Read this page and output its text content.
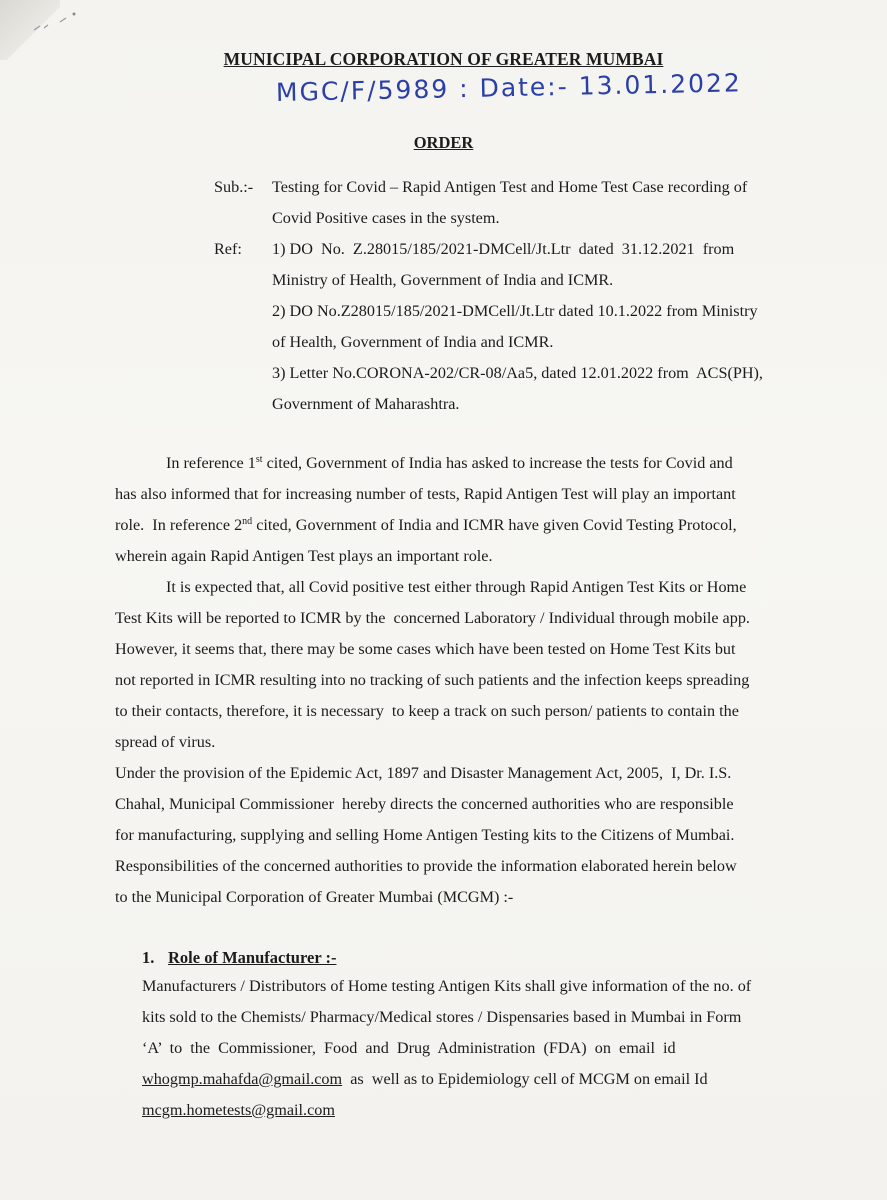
MUNICIPAL CORPORATION OF GREATER MUMBAI
MGC/F/5989 : Date:- 13.01.2022
ORDER
Sub.:- Testing for Covid – Rapid Antigen Test and Home Test Case recording of
Covid Positive cases in the system.
Ref: 1) DO  No.  Z.28015/185/2021-DMCell/Jt.Ltr  dated  31.12.2021  from
Ministry of Health, Government of India and ICMR.
2) DO No.Z28015/185/2021-DMCell/Jt.Ltr dated 10.1.2022 from Ministry
of Health, Government of India and ICMR.
3) Letter No.CORONA-202/CR-08/Aa5, dated 12.01.2022 from  ACS(PH),
Government of Maharashtra.
In reference 1st cited, Government of India has asked to increase the tests for Covid and
has also informed that for increasing number of tests, Rapid Antigen Test will play an important
role.  In reference 2nd cited, Government of India and ICMR have given Covid Testing Protocol,
wherein again Rapid Antigen Test plays an important role.
It is expected that, all Covid positive test either through Rapid Antigen Test Kits or Home
Test Kits will be reported to ICMR by the  concerned Laboratory / Individual through mobile app.
However, it seems that, there may be some cases which have been tested on Home Test Kits but
not reported in ICMR resulting into no tracking of such patients and the infection keeps spreading
to their contacts, therefore, it is necessary  to keep a track on such person/ patients to contain the
spread of virus.
Under the provision of the Epidemic Act, 1897 and Disaster Management Act, 2005,  I, Dr. I.S.
Chahal, Municipal Commissioner  hereby directs the concerned authorities who are responsible
for manufacturing, supplying and selling Home Antigen Testing kits to the Citizens of Mumbai.
Responsibilities of the concerned authorities to provide the information elaborated herein below
to the Municipal Corporation of Greater Mumbai (MCGM) :-
1. Role of Manufacturer :-
Manufacturers / Distributors of Home testing Antigen Kits shall give information of the no. of
kits sold to the Chemists/ Pharmacy/Medical stores / Dispensaries based in Mumbai in Form
‘A’  to  the  Commissioner,  Food  and  Drug  Administration  (FDA)  on  email  id
whogmp.mahafda@gmail.com  as  well as to Epidemiology cell of MCGM on email Id
mcgm.hometests@gmail.com
